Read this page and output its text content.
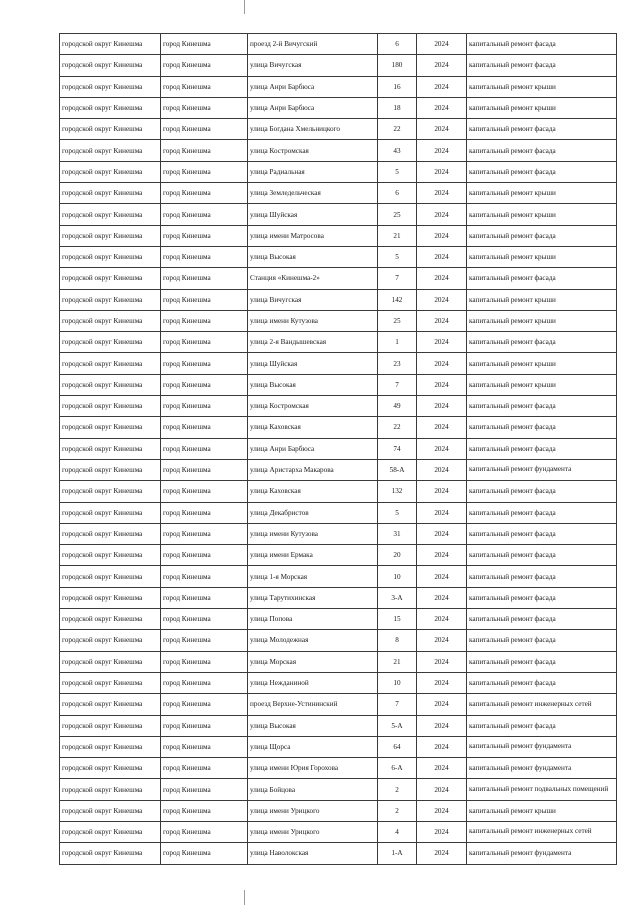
городской округ Кинешма	город Кинешма	проезд 2-й Вичугский	6	2024	капитальный ремонт фасада
городской округ Кинешма	город Кинешма	улица Вичугская	180	2024	капитальный ремонт фасада
городской округ Кинешма	город Кинешма	улица Анри Барбюса	16	2024	капитальный ремонт крыши
городской округ Кинешма	город Кинешма	улица Анри Барбюса	18	2024	капитальный ремонт крыши
городской округ Кинешма	город Кинешма	улица Богдана Хмельницкого	22	2024	капитальный ремонт фасада
городской округ Кинешма	город Кинешма	улица Костромская	43	2024	капитальный ремонт фасада
городской округ Кинешма	город Кинешма	улица Радиальная	5	2024	капитальный ремонт фасада
городской округ Кинешма	город Кинешма	улица Земледельческая	6	2024	капитальный ремонт крыши
городской округ Кинешма	город Кинешма	улица Шуйская	25	2024	капитальный ремонт крыши
городской округ Кинешма	город Кинешма	улица имени Матросова	21	2024	капитальный ремонт фасада
городской округ Кинешма	город Кинешма	улица Высокая	5	2024	капитальный ремонт крыши
городской округ Кинешма	город Кинешма	Станция «Кинешма-2»	7	2024	капитальный ремонт фасада
городской округ Кинешма	город Кинешма	улица Вичугская	142	2024	капитальный ремонт крыши
городской округ Кинешма	город Кинешма	улица имени Кутузова	25	2024	капитальный ремонт крыши
городской округ Кинешма	город Кинешма	улица 2-я Вандышевская	1	2024	капитальный ремонт фасада
городской округ Кинешма	город Кинешма	улица Шуйская	23	2024	капитальный ремонт крыши
городской округ Кинешма	город Кинешма	улица Высокая	7	2024	капитальный ремонт крыши
городской округ Кинешма	город Кинешма	улица Костромская	49	2024	капитальный ремонт фасада
городской округ Кинешма	город Кинешма	улица Каховская	22	2024	капитальный ремонт фасада
городской округ Кинешма	город Кинешма	улица Анри Барбюса	74	2024	капитальный ремонт фасада
городской округ Кинешма	город Кинешма	улица Аристарха Макарова	58-А	2024	капитальный ремонт фундамента
городской округ Кинешма	город Кинешма	улица Каховская	132	2024	капитальный ремонт фасада
городской округ Кинешма	город Кинешма	улица Декабристов	5	2024	капитальный ремонт фасада
городской округ Кинешма	город Кинешма	улица имени Кутузова	31	2024	капитальный ремонт фасада
городской округ Кинешма	город Кинешма	улица имени Ермака	20	2024	капитальный ремонт фасада
городской округ Кинешма	город Кинешма	улица 1-я Морская	10	2024	капитальный ремонт фасада
городской округ Кинешма	город Кинешма	улица Тарутихинская	3-А	2024	капитальный ремонт фасада
городской округ Кинешма	город Кинешма	улица Попова	15	2024	капитальный ремонт фасада
городской округ Кинешма	город Кинешма	улица Молодежная	8	2024	капитальный ремонт фасада
городской округ Кинешма	город Кинешма	улица Морская	21	2024	капитальный ремонт фасада
городской округ Кинешма	город Кинешма	улица Нежданиной	10	2024	капитальный ремонт фасада
городской округ Кинешма	город Кинешма	проезд Верхне-Устининский	7	2024	капитальный ремонт инженерных сетей
городской округ Кинешма	город Кинешма	улица Высокая	5-А	2024	капитальный ремонт фасада
городской округ Кинешма	город Кинешма	улица Щорса	64	2024	капитальный ремонт фундамента
городской округ Кинешма	город Кинешма	улица имени Юрия Горохова	6-А	2024	капитальный ремонт фундамента
городской округ Кинешма	город Кинешма	улица Бойцова	2	2024	капитальный ремонт подвальных помещений
городской округ Кинешма	город Кинешма	улица имени Урицкого	2	2024	капитальный ремонт крыши
городской округ Кинешма	город Кинешма	улица имени Урицкого	4	2024	капитальный ремонт инженерных сетей
городской округ Кинешма	город Кинешма	улица Наволокская	1-А	2024	капитальный ремонт фундамента
